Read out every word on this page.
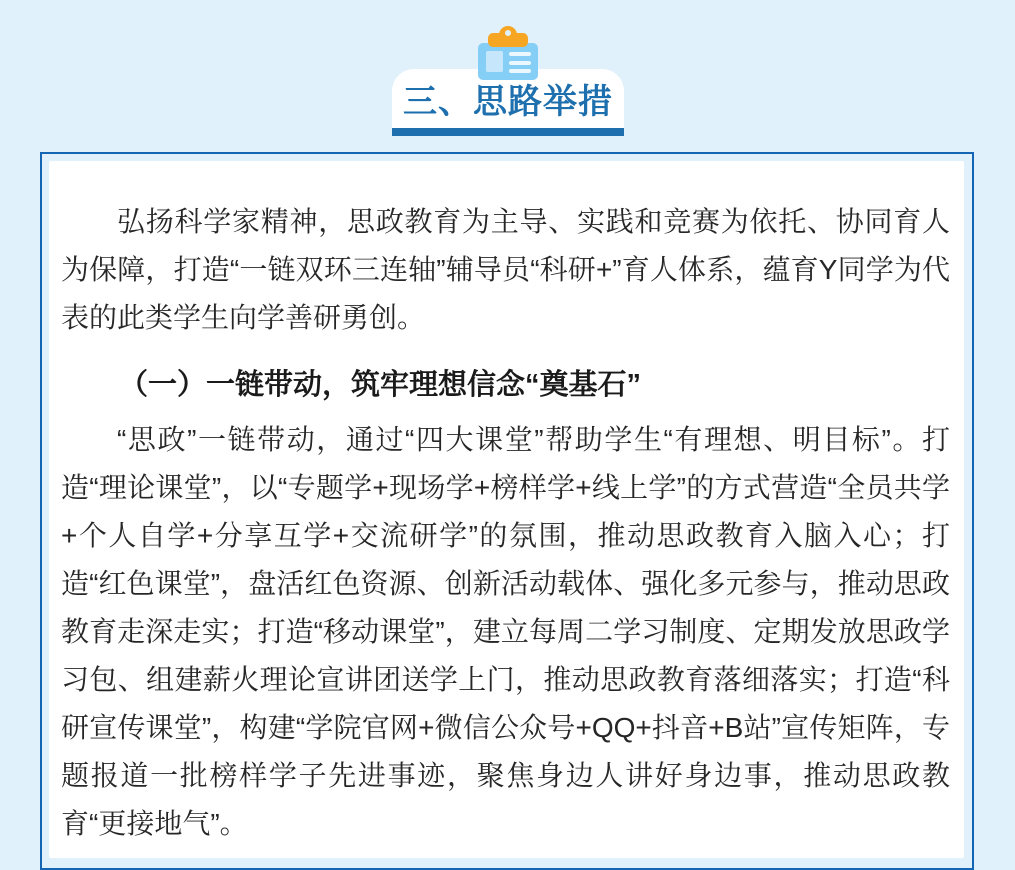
三、思路举措

弘扬科学家精神，思政教育为主导、实践和竞赛为依托、协同育人为保障，打造“一链双环三连轴”辅导员“科研+”育人体系，蕴育Y同学为代表的此类学生向学善研勇创。

（一）一链带动，筑牢理想信念“奠基石”

“思政”一链带动，通过“四大课堂”帮助学生“有理想、明目标”。打造“理论课堂”，以“专题学+现场学+榜样学+线上学”的方式营造“全员共学+个人自学+分享互学+交流研学”的氛围，推动思政教育入脑入心；打造“红色课堂”，盘活红色资源、创新活动载体、强化多元参与，推动思政教育走深走实；打造“移动课堂”，建立每周二学习制度、定期发放思政学习包、组建薪火理论宣讲团送学上门，推动思政教育落细落实；打造“科研宣传课堂”，构建“学院官网+微信公众号+QQ+抖音+B站”宣传矩阵，专题报道一批榜样学子先进事迹，聚焦身边人讲好身边事，推动思政教育“更接地气”。
